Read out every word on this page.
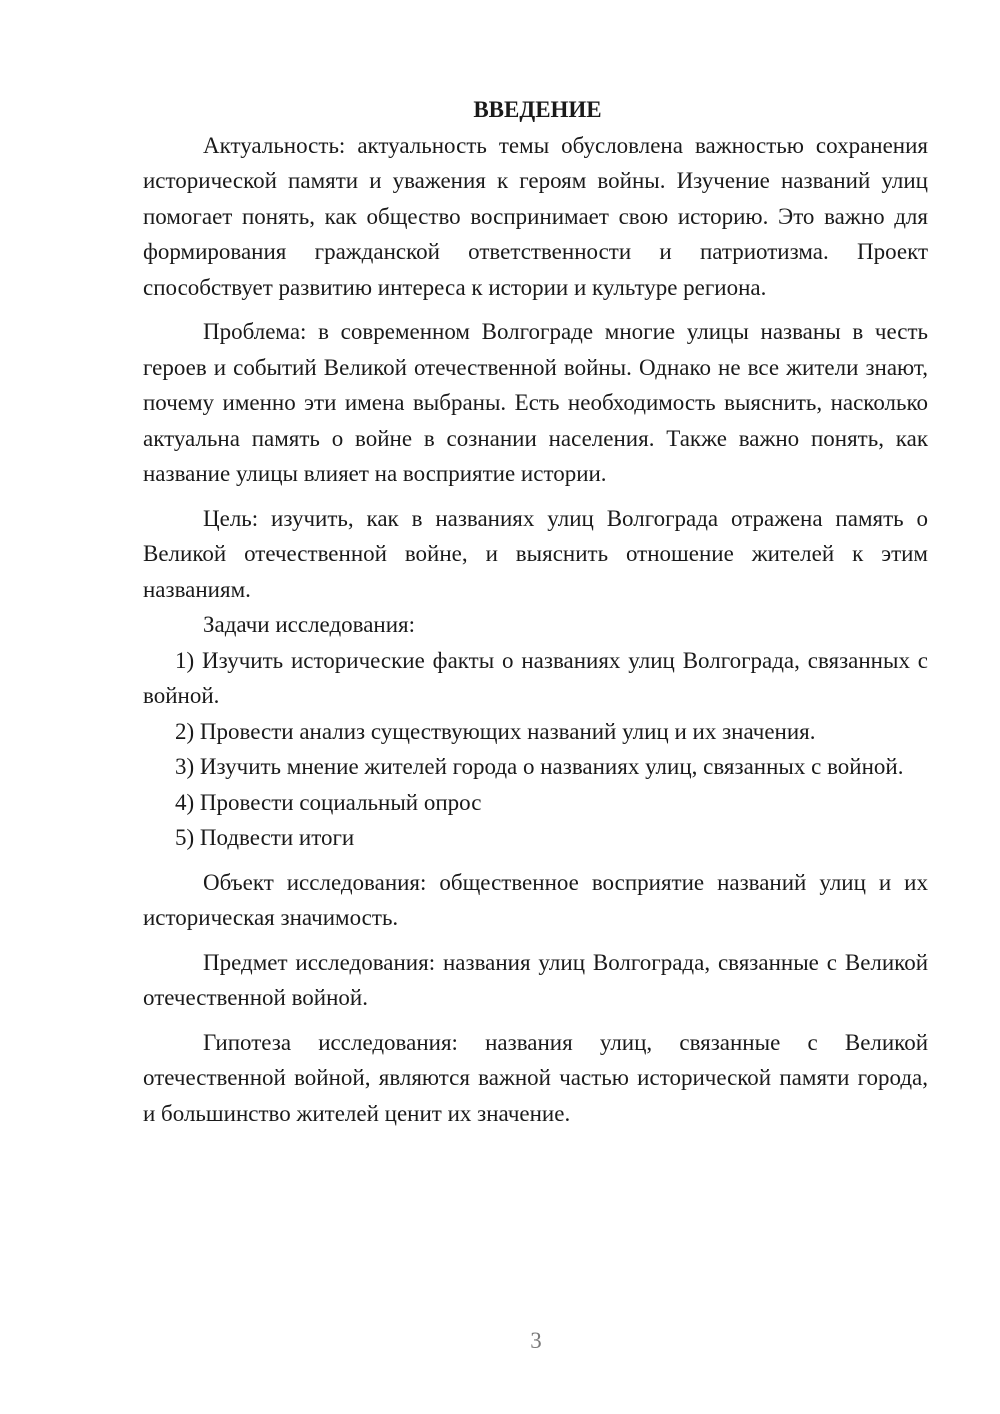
ВВЕДЕНИЕ

Актуальность: актуальность темы обусловлена важностью сохранения исторической памяти и уважения к героям войны. Изучение названий улиц помогает понять, как общество воспринимает свою историю. Это важно для формирования гражданской ответственности и патриотизма. Проект способствует развитию интереса к истории и культуре региона.

Проблема: в современном Волгограде многие улицы названы в честь героев и событий Великой отечественной войны. Однако не все жители знают, почему именно эти имена выбраны. Есть необходимость выяснить, насколько актуальна память о войне в сознании населения. Также важно понять, как название улицы влияет на восприятие истории.

Цель: изучить, как в названиях улиц Волгограда отражена память о Великой отечественной войне, и выяснить отношение жителей к этим названиям.

Задачи исследования:

1) Изучить исторические факты о названиях улиц Волгограда, связанных с войной.

2) Провести анализ существующих названий улиц и их значения.

3) Изучить мнение жителей города о названиях улиц, связанных с войной.

4) Провести социальный опрос

5) Подвести итоги

Объект исследования: общественное восприятие названий улиц и их историческая значимость.

Предмет исследования: названия улиц Волгограда, связанные с Великой отечественной войной.

Гипотеза исследования: названия улиц, связанные с Великой отечественной войной, являются важной частью исторической памяти города, и большинство жителей ценит их значение.

3
